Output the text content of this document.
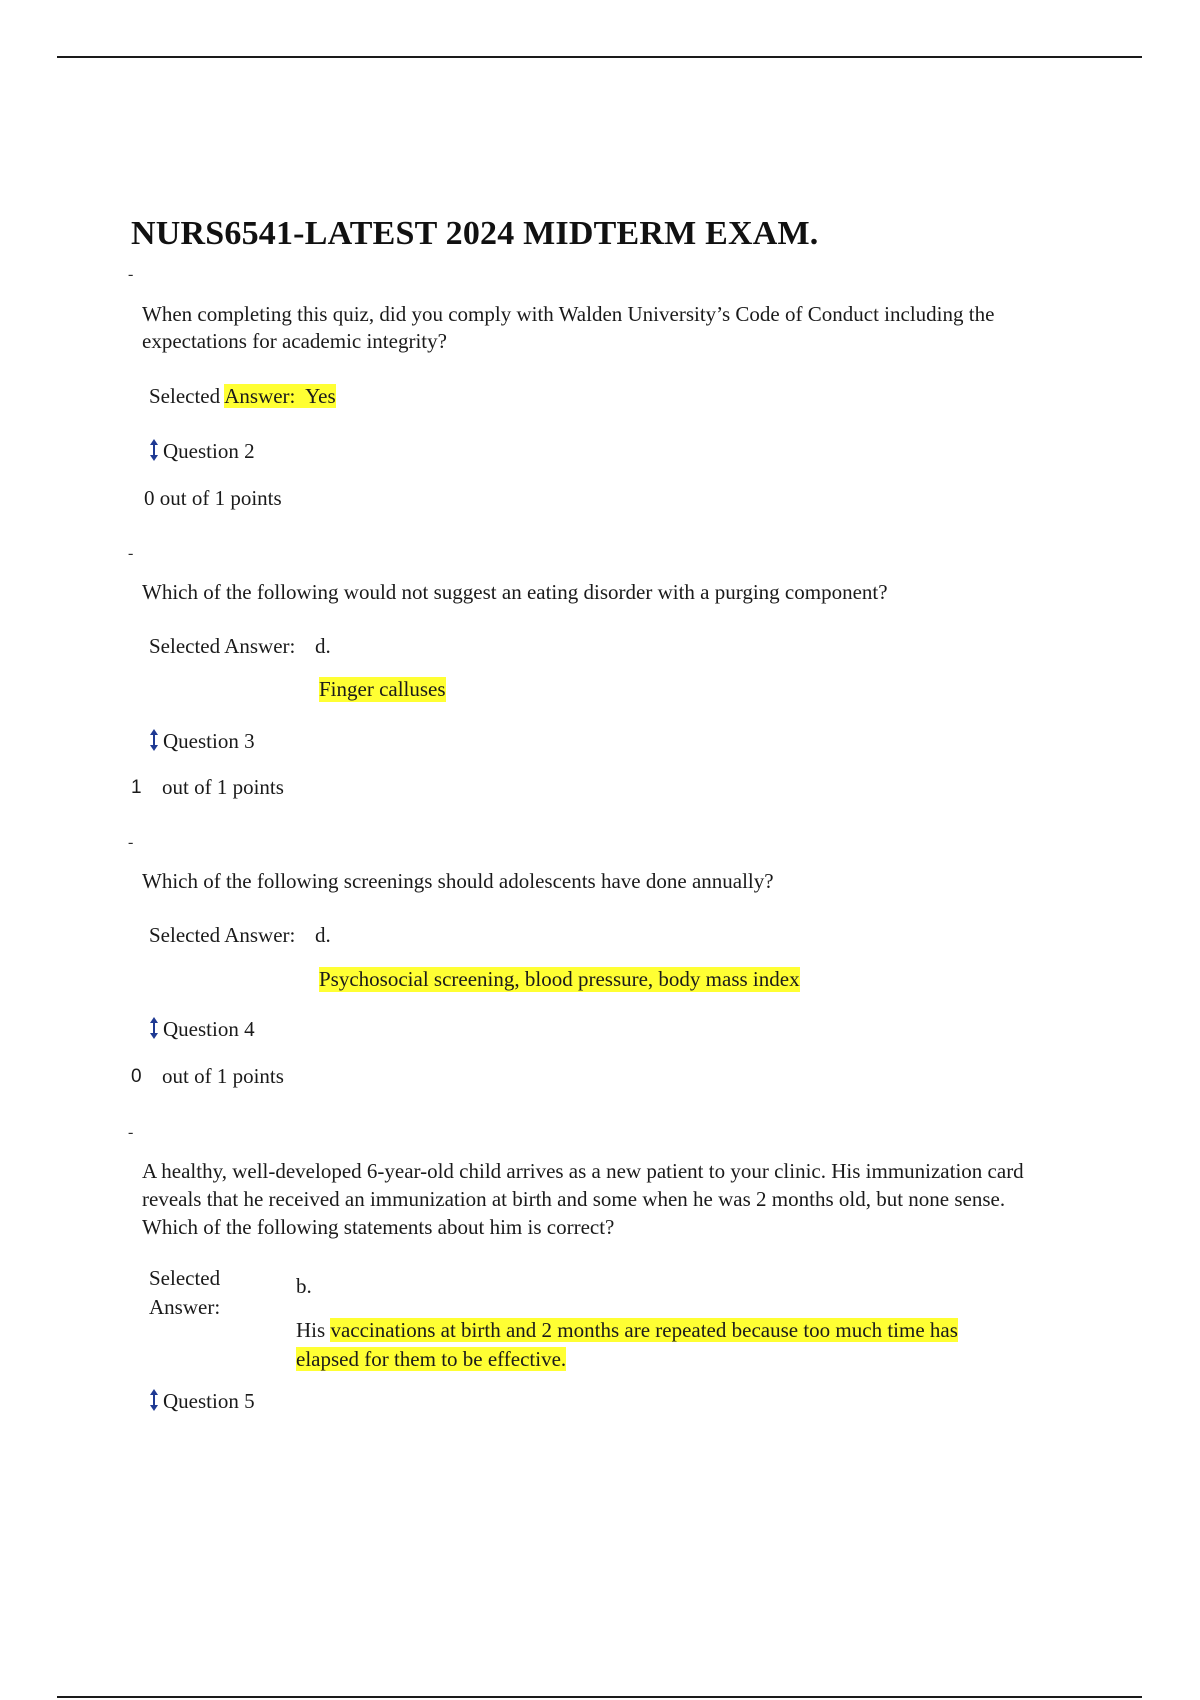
NURS6541-LATEST 2024 MIDTERM EXAM.
-
When completing this quiz, did you comply with Walden University’s Code of Conduct including the expectations for academic integrity?
Selected Answer:  Yes
Question 2
0 out of 1 points
-
Which of the following would not suggest an eating disorder with a purging component?
Selected Answer: d.
Finger calluses
Question 3
1 out of 1 points
-
Which of the following screenings should adolescents have done annually?
Selected Answer: d.
Psychosocial screening, blood pressure, body mass index
Question 4
0 out of 1 points
-
A healthy, well-developed 6-year-old child arrives as a new patient to your clinic. His immunization card reveals that he received an immunization at birth and some when he was 2 months old, but none sense. Which of the following statements about him is correct?
Selected
Answer:
b.
His vaccinations at birth and 2 months are repeated because too much time has elapsed for them to be effective.
Question 5
